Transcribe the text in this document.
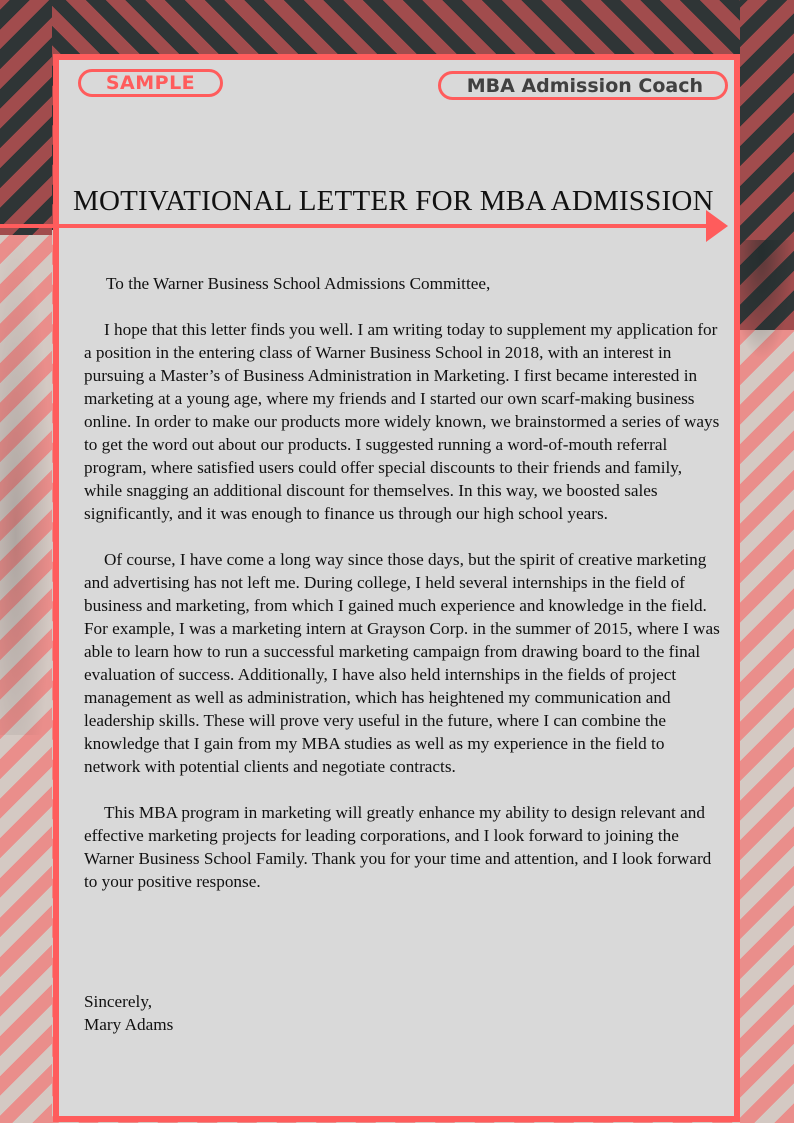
SAMPLE	MBA Admission Coach
MOTIVATIONAL LETTER FOR MBA ADMISSION

To the Warner Business School Admissions Committee,

I hope that this letter finds you well. I am writing today to supplement my application for a position in the entering class of Warner Business School in 2018, with an interest in pursuing a Master’s of Business Administration in Marketing. I first became interested in marketing at a young age, where my friends and I started our own scarf-making business online. In order to make our products more widely known, we brainstormed a series of ways to get the word out about our products. I suggested running a word-of-mouth referral program, where satisfied users could offer special discounts to their friends and family, while snagging an additional discount for themselves. In this way, we boosted sales significantly, and it was enough to finance us through our high school years.

Of course, I have come a long way since those days, but the spirit of creative marketing and advertising has not left me. During college, I held several internships in the field of business and marketing, from which I gained much experience and knowledge in the field. For example, I was a marketing intern at Grayson Corp. in the summer of 2015, where I was able to learn how to run a successful marketing campaign from drawing board to the final evaluation of success. Additionally, I have also held internships in the fields of project management as well as administration, which has heightened my communication and leadership skills. These will prove very useful in the future, where I can combine the knowledge that I gain from my MBA studies as well as my experience in the field to network with potential clients and negotiate contracts.

This MBA program in marketing will greatly enhance my ability to design relevant and effective marketing projects for leading corporations, and I look forward to joining the Warner Business School Family. Thank you for your time and attention, and I look forward to your positive response.

Sincerely,
Mary Adams
